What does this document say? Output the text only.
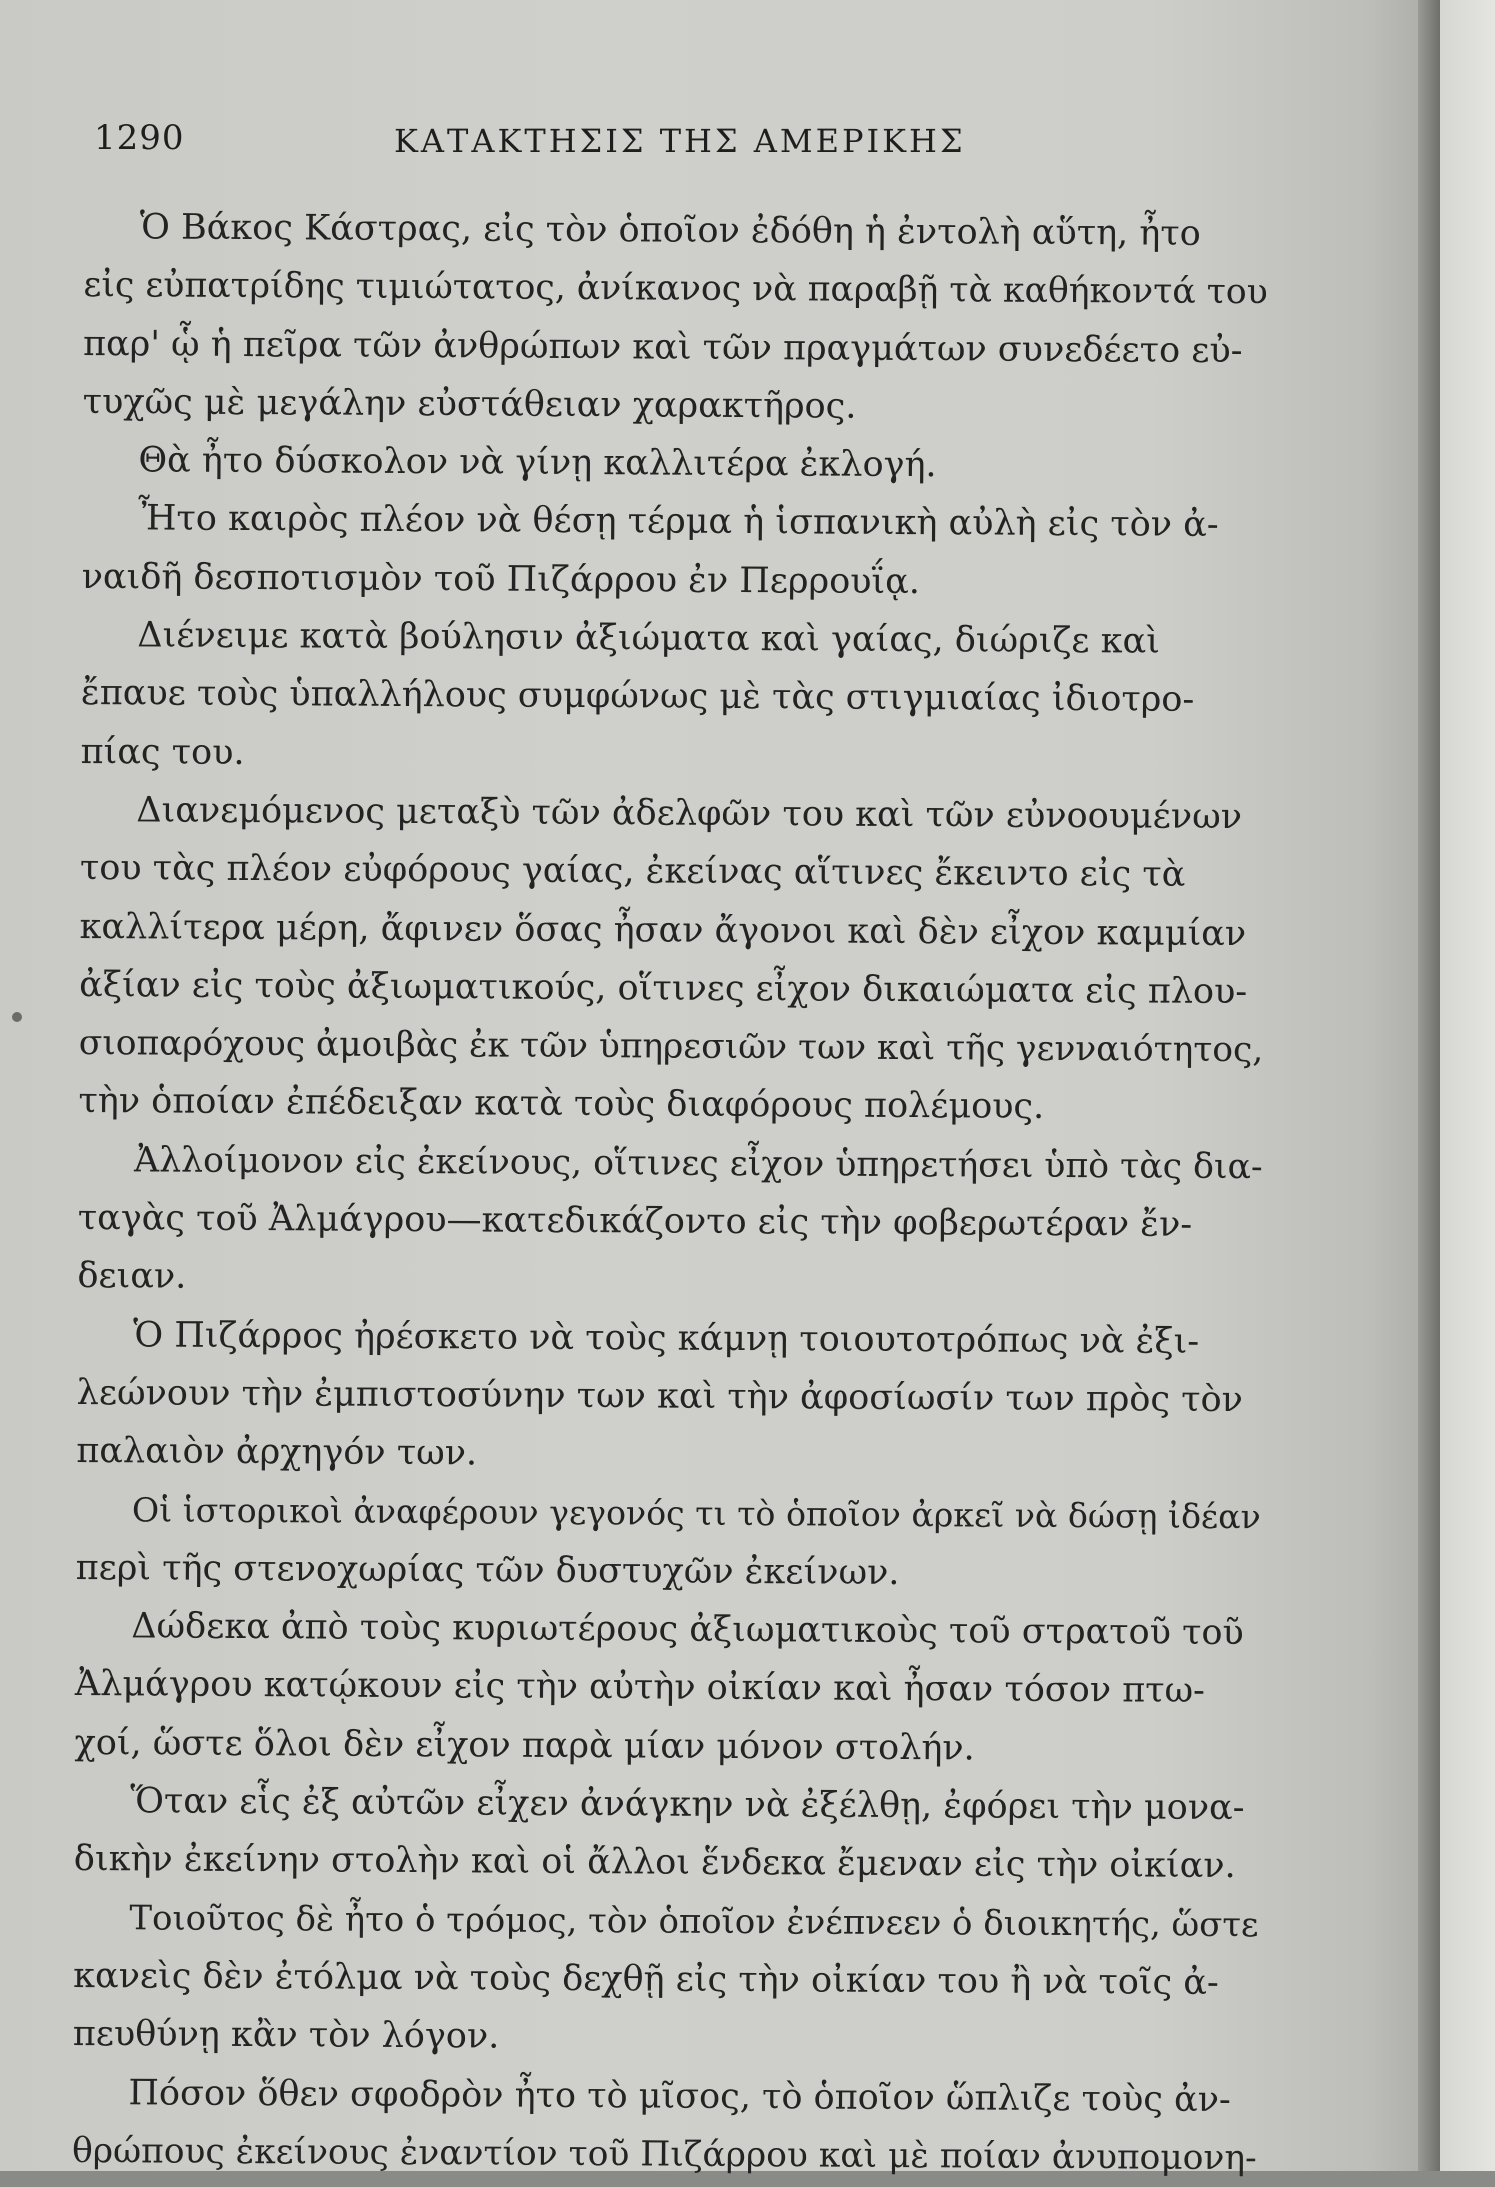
1290	ΚΑΤΑΚΤΗΣΙΣ ΤΗΣ ΑΜΕΡΙΚΗΣ
Ὁ Βάκος Κάστρας, εἰς τὸν ὁποῖον ἐδόθη ἡ ἐντολὴ αὕτη, ἦτο
εἰς εὐπατρίδης τιμιώτατος, ἀνίκανος νὰ παραβῇ τὰ καθήκοντά του
παρ' ᾧ ἡ πεῖρα τῶν ἀνθρώπων καὶ τῶν πραγμάτων συνεδέετο εὐ-
τυχῶς μὲ μεγάλην εὐστάθειαν χαρακτῆρος.
Θὰ ἦτο δύσκολον νὰ γίνῃ καλλιτέρα ἐκλογή.
Ἦτο καιρὸς πλέον νὰ θέσῃ τέρμα ἡ ἱσπανικὴ αὐλὴ εἰς τὸν ἀ-
ναιδῆ δεσποτισμὸν τοῦ Πιζάρρου ἐν Περρουΐᾳ.
Διένειμε κατὰ βούλησιν ἀξιώματα καὶ γαίας, διώριζε καὶ
ἔπαυε τοὺς ὑπαλλήλους συμφώνως μὲ τὰς στιγμιαίας ἰδιοτρο-
πίας του.
Διανεμόμενος μεταξὺ τῶν ἀδελφῶν του καὶ τῶν εὐνοουμένων
του τὰς πλέον εὐφόρους γαίας, ἐκείνας αἵτινες ἔκειντο εἰς τὰ
καλλίτερα μέρη, ἄφινεν ὅσας ἦσαν ἄγονοι καὶ δὲν εἶχον καμμίαν
ἀξίαν εἰς τοὺς ἀξιωματικούς, οἵτινες εἶχον δικαιώματα εἰς πλου-
σιοπαρόχους ἀμοιβὰς ἐκ τῶν ὑπηρεσιῶν των καὶ τῆς γενναιότητος,
τὴν ὁποίαν ἐπέδειξαν κατὰ τοὺς διαφόρους πολέμους.
Ἀλλοίμονον εἰς ἐκείνους, οἵτινες εἶχον ὑπηρετήσει ὑπὸ τὰς δια-
ταγὰς τοῦ Ἀλμάγρου—κατεδικάζοντο εἰς τὴν φοβερωτέραν ἔν-
δειαν.
Ὁ Πιζάρρος ἠρέσκετο νὰ τοὺς κάμνῃ τοιουτοτρόπως νὰ ἐξι-
λεώνουν τὴν ἐμπιστοσύνην των καὶ τὴν ἀφοσίωσίν των πρὸς τὸν
παλαιὸν ἀρχηγόν των.
Οἱ ἱστορικοὶ ἀναφέρουν γεγονός τι τὸ ὁποῖον ἀρκεῖ νὰ δώσῃ ἰδέαν
περὶ τῆς στενοχωρίας τῶν δυστυχῶν ἐκείνων.
Δώδεκα ἀπὸ τοὺς κυριωτέρους ἀξιωματικοὺς τοῦ στρατοῦ τοῦ
Ἀλμάγρου κατῴκουν εἰς τὴν αὐτὴν οἰκίαν καὶ ἦσαν τόσον πτω-
χοί, ὥστε ὅλοι δὲν εἶχον παρὰ μίαν μόνον στολήν.
Ὅταν εἷς ἐξ αὐτῶν εἶχεν ἀνάγκην νὰ ἐξέλθῃ, ἐφόρει τὴν μονα-
δικὴν ἐκείνην στολὴν καὶ οἱ ἄλλοι ἕνδεκα ἔμεναν εἰς τὴν οἰκίαν.
Τοιοῦτος δὲ ἦτο ὁ τρόμος, τὸν ὁποῖον ἐνέπνεεν ὁ διοικητής, ὥστε
κανεὶς δὲν ἐτόλμα νὰ τοὺς δεχθῇ εἰς τὴν οἰκίαν του ἢ νὰ τοῖς ἀ-
πευθύνῃ κἂν τὸν λόγον.
Πόσον ὅθεν σφοδρὸν ἦτο τὸ μῖσος, τὸ ὁποῖον ὥπλιζε τοὺς ἀν-
θρώπους ἐκείνους ἐναντίον τοῦ Πιζάρρου καὶ μὲ ποίαν ἀνυπομονη-
